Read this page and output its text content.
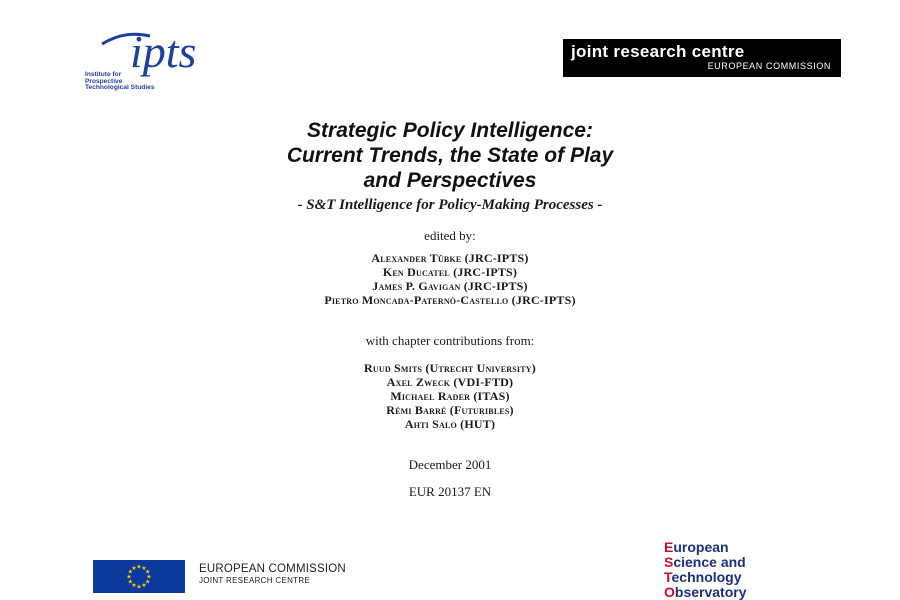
ipts
Institute for
Prospective
Technological Studies
joint research centre
EUROPEAN COMMISSION
Strategic Policy Intelligence:
Current Trends, the State of Play
and Perspectives
- S&T Intelligence for Policy-Making Processes -
edited by:
Alexander Tübke (JRC-IPTS)
Ken Ducatel (JRC-IPTS)
James P. Gavigan (JRC-IPTS)
Pietro Moncada-Paternò-Castello (JRC-IPTS)
with chapter contributions from:
Ruud Smits (Utrecht University)
Axel Zweck (VDI-FTD)
Michael Rader (ITAS)
Rémi Barré (Futuribles)
Ahti Salo (HUT)
December 2001
EUR 20137 EN
★
★
★
★
★
★
★
★
★ ★ ★
★	EUROPEAN COMMISSION
JOINT RESEARCH CENTRE
European
Science and
Technology
Observatory
